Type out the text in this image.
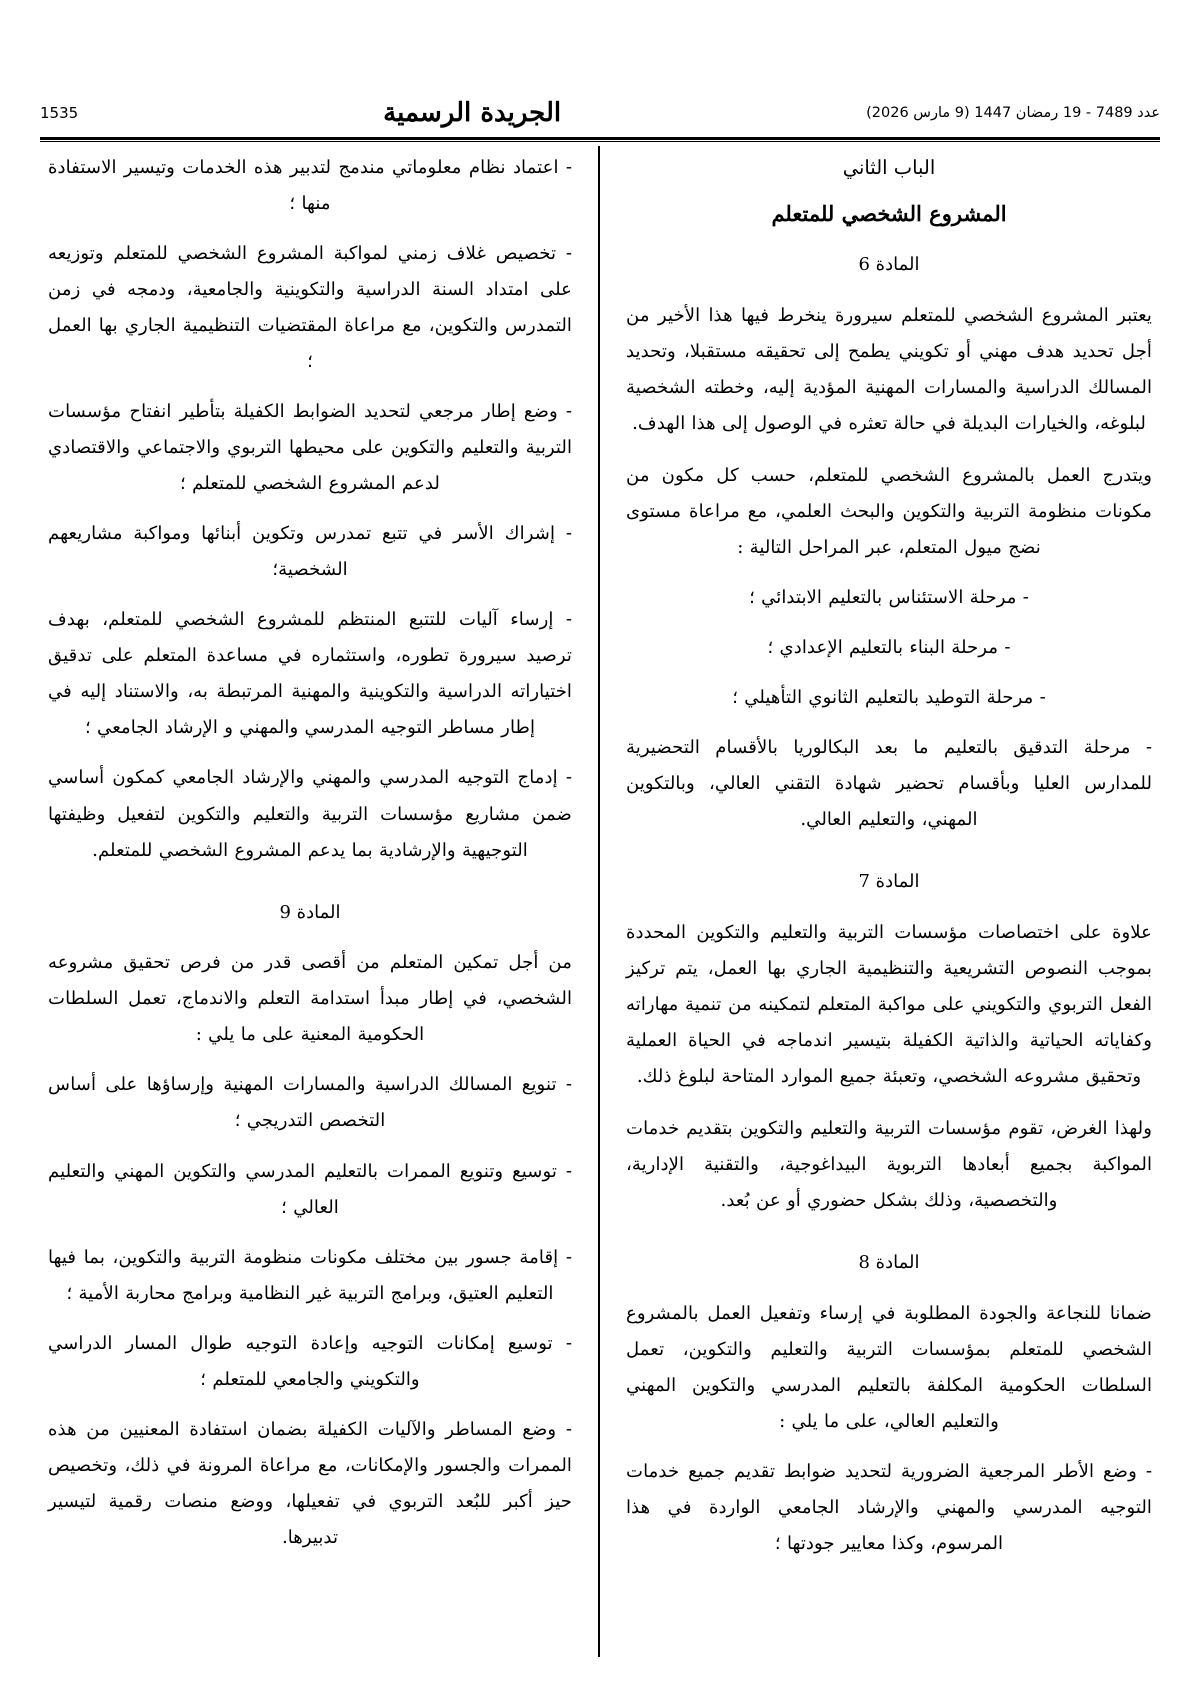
عدد 7489 - 19 رمضان 1447 (9 مارس 2026)
الجريدة الرسمية
1535
الباب الثاني
المشروع الشخصي للمتعلم
المادة 6

يعتبر المشروع الشخصي للمتعلم سيرورة ينخرط فيها هذا الأخير من أجل تحديد هدف مهني أو تكويني يطمح إلى تحقيقه مستقبلا، وتحديد المسالك الدراسية والمسارات المهنية المؤدية إليه، وخطته الشخصية لبلوغه، والخيارات البديلة في حالة تعثره في الوصول إلى هذا الهدف.

ويتدرج العمل بالمشروع الشخصي للمتعلم، حسب كل مكون من مكونات منظومة التربية والتكوين والبحث العلمي، مع مراعاة مستوى نضج ميول المتعلم، عبر المراحل التالية :

- مرحلة الاستئناس بالتعليم الابتدائي ؛
- مرحلة البناء بالتعليم الإعدادي ؛
- مرحلة التوطيد بالتعليم الثانوي التأهيلي ؛
- مرحلة التدقيق بالتعليم ما بعد البكالوريا بالأقسام التحضيرية للمدارس العليا وبأقسام تحضير شهادة التقني العالي، وبالتكوين المهني، والتعليم العالي.
المادة 7

علاوة على اختصاصات مؤسسات التربية والتعليم والتكوين المحددة بموجب النصوص التشريعية والتنظيمية الجاري بها العمل، يتم تركيز الفعل التربوي والتكويني على مواكبة المتعلم لتمكينه من تنمية مهاراته وكفاياته الحياتية والذاتية الكفيلة بتيسير اندماجه في الحياة العملية وتحقيق مشروعه الشخصي، وتعبئة جميع الموارد المتاحة لبلوغ ذلك.

ولهذا الغرض، تقوم مؤسسات التربية والتعليم والتكوين بتقديم خدمات المواكبة بجميع أبعادها التربوية البيداغوجية، والتقنية الإدارية، والتخصصية، وذلك بشكل حضوري أو عن بُعد.

المادة 8

ضمانا للنجاعة والجودة المطلوبة في إرساء وتفعيل العمل بالمشروع الشخصي للمتعلم بمؤسسات التربية والتعليم والتكوين، تعمل السلطات الحكومية المكلفة بالتعليم المدرسي والتكوين المهني والتعليم العالي، على ما يلي :

- وضع الأطر المرجعية الضرورية لتحديد ضوابط تقديم جميع خدمات التوجيه المدرسي والمهني والإرشاد الجامعي الواردة في هذا المرسوم، وكذا معايير جودتها ؛
- اعتماد نظام معلوماتي مندمج لتدبير هذه الخدمات وتيسير الاستفادة منها ؛
- تخصيص غلاف زمني لمواكبة المشروع الشخصي للمتعلم وتوزيعه على امتداد السنة الدراسية والتكوينية والجامعية، ودمجه في زمن التمدرس والتكوين، مع مراعاة المقتضيات التنظيمية الجاري بها العمل ؛
- وضع إطار مرجعي لتحديد الضوابط الكفيلة بتأطير انفتاح مؤسسات التربية والتعليم والتكوين على محيطها التربوي والاجتماعي والاقتصادي لدعم المشروع الشخصي للمتعلم ؛
- إشراك الأسر في تتبع تمدرس وتكوين أبنائها ومواكبة مشاريعهم الشخصية؛
- إرساء آليات للتتبع المنتظم للمشروع الشخصي للمتعلم، بهدف ترصيد سيرورة تطوره، واستثماره في مساعدة المتعلم على تدقيق اختياراته الدراسية والتكوينية والمهنية المرتبطة به، والاستناد إليه في إطار مساطر التوجيه المدرسي والمهني و الإرشاد الجامعي ؛
- إدماج التوجيه المدرسي والمهني والإرشاد الجامعي كمكون أساسي ضمن مشاريع مؤسسات التربية والتعليم والتكوين لتفعيل وظيفتها التوجيهية والإرشادية بما يدعم المشروع الشخصي للمتعلم.
المادة 9

من أجل تمكين المتعلم من أقصى قدر من فرص تحقيق مشروعه الشخصي، في إطار مبدأ استدامة التعلم والاندماج، تعمل السلطات الحكومية المعنية على ما يلي :

- تنويع المسالك الدراسية والمسارات المهنية وإرساؤها على أساس التخصص التدريجي ؛
- توسيع وتنويع الممرات بالتعليم المدرسي والتكوين المهني والتعليم العالي ؛
- إقامة جسور بين مختلف مكونات منظومة التربية والتكوين، بما فيها التعليم العتيق، وبرامج التربية غير النظامية وبرامج محاربة الأمية ؛
- توسيع إمكانات التوجيه وإعادة التوجيه طوال المسار الدراسي والتكويني والجامعي للمتعلم ؛
- وضع المساطر والآليات الكفيلة بضمان استفادة المعنيين من هذه الممرات والجسور والإمكانات، مع مراعاة المرونة في ذلك، وتخصيص حيز أكبر للبُعد التربوي في تفعيلها، ووضع منصات رقمية لتيسير تدبيرها.
